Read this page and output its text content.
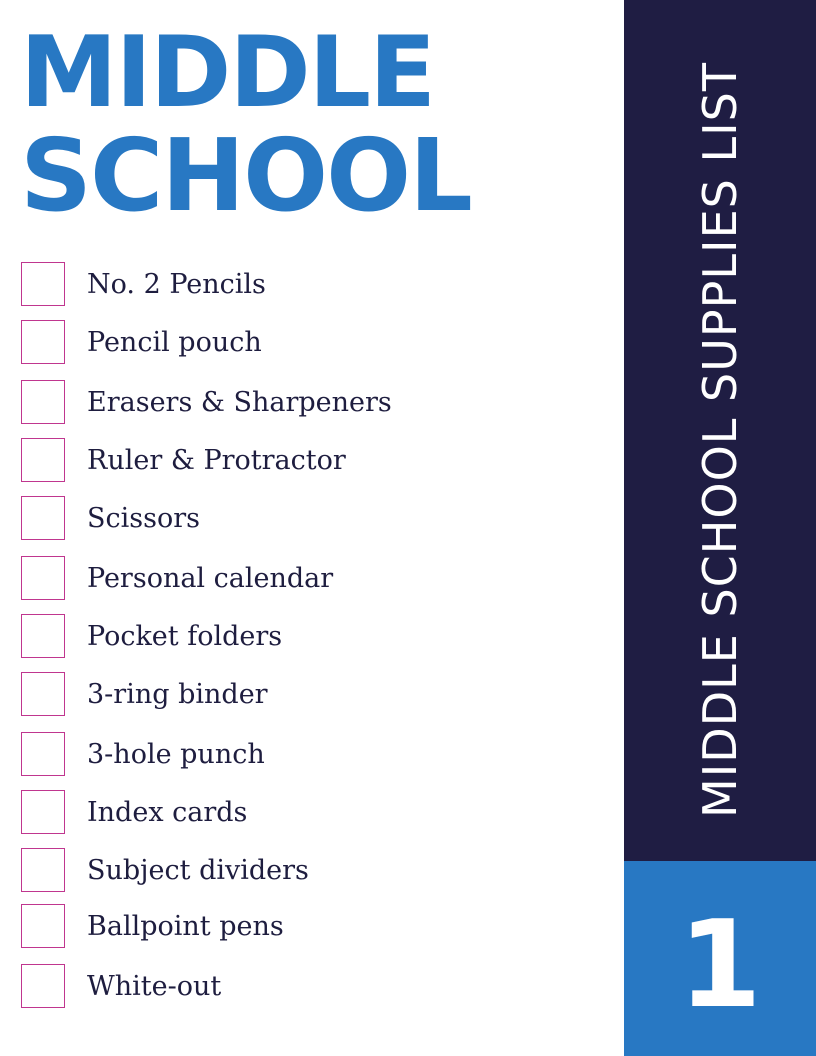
MIDDLE
SCHOOL
No. 2 Pencils
Pencil pouch
Erasers & Sharpeners
Ruler & Protractor
Scissors
Personal calendar
Pocket folders
3-ring binder
3-hole punch
Index cards
Subject dividers
Ballpoint pens
White-out
MIDDLE SCHOOL SUPPLIES LIST
1
